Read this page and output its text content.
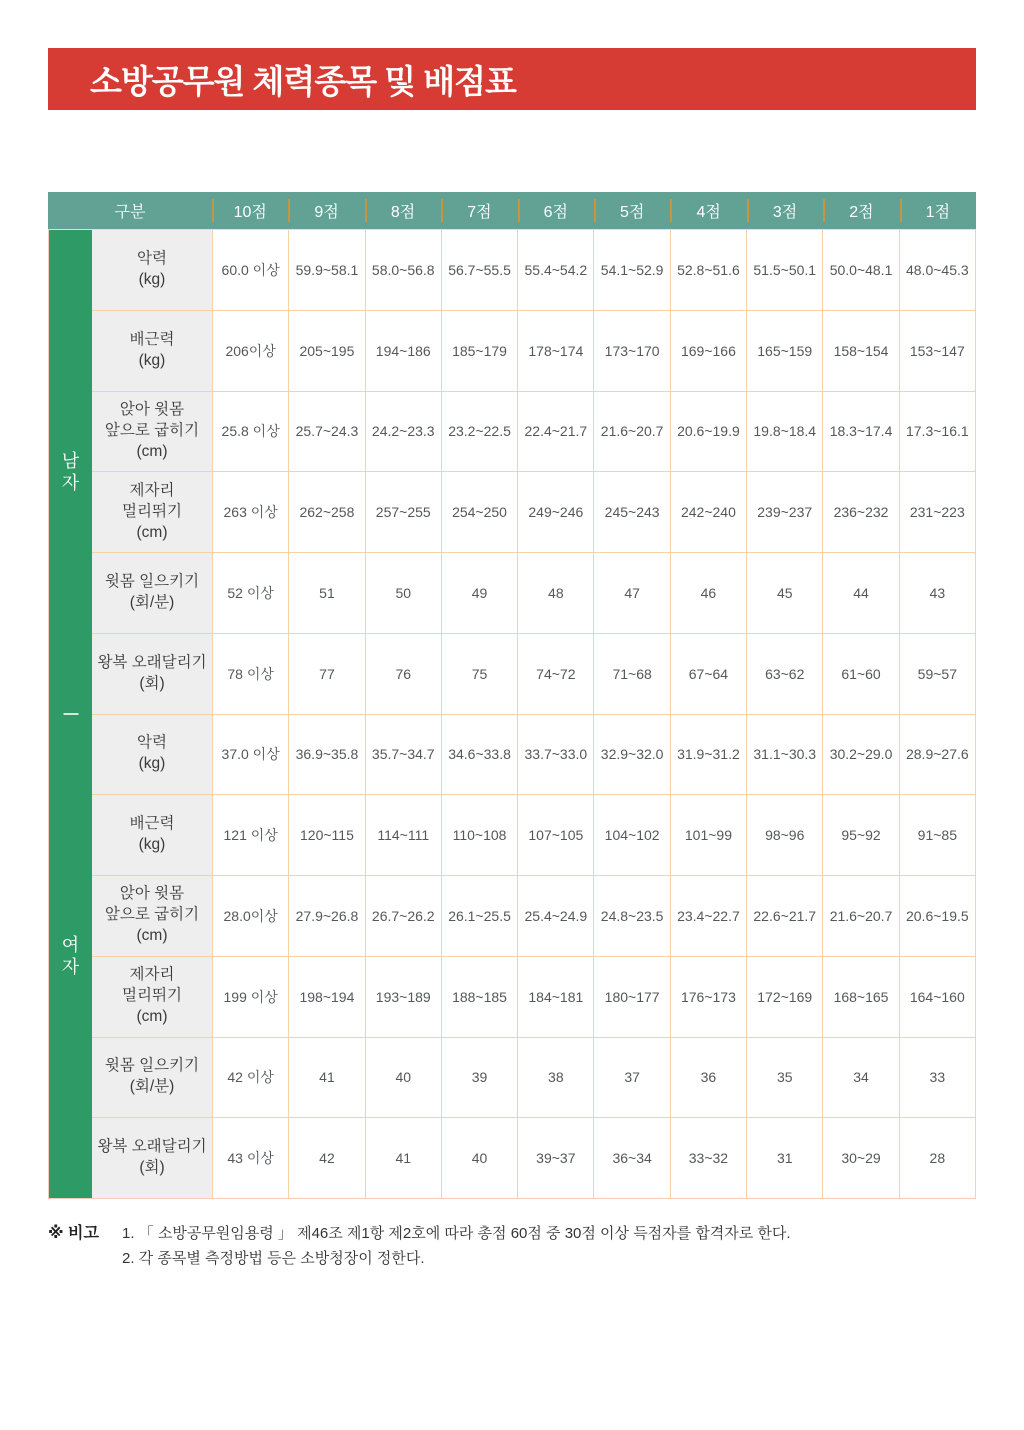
소방공무원 체력종목 및 배점표
구분	10점	9점	8점	7점	6점	5점	4점	3점	2점	1점
남
자
여
자
악력
(kg)
60.0 이상	59.9~58.1 58.0~56.8 56.7~55.5 55.4~54.2 54.1~52.9 52.8~51.6 51.5~50.1 50.0~48.1 48.0~45.3
배근력
(kg)
206이상	205~195	194~186	185~179	178~174	173~170	169~166	165~159	158~154	153~147
앉아 윗몸
앞으로 굽히기
(cm)
25.8 이상	25.7~24.3 24.2~23.3 23.2~22.5 22.4~21.7 21.6~20.7 20.6~19.9 19.8~18.4 18.3~17.4 17.3~16.1
제자리
멀리뛰기
(cm)
263 이상	262~258	257~255	254~250	249~246	245~243	242~240	239~237	236~232	231~223
윗몸 일으키기
(회/분)
52 이상	51	50	49	48	47	46	45	44	43
왕복 오래달리기
(회)
78 이상	77	76	75	74~72	71~68	67~64	63~62	61~60	59~57
악력
(kg)
37.0 이상	36.9~35.8 35.7~34.7 34.6~33.8 33.7~33.0 32.9~32.0 31.9~31.2 31.1~30.3 30.2~29.0 28.9~27.6
배근력
(kg)
121 이상	120~115	114~111	110~108	107~105	104~102	101~99	98~96	95~92	91~85
앉아 윗몸
앞으로 굽히기
(cm)
28.0이상	27.9~26.8 26.7~26.2 26.1~25.5 25.4~24.9 24.8~23.5 23.4~22.7 22.6~21.7 21.6~20.7 20.6~19.5
제자리
멀리뛰기
(cm)
199 이상	198~194	193~189	188~185	184~181	180~177	176~173	172~169	168~165	164~160
윗몸 일으키기
(회/분)
42 이상	41	40	39	38	37	36	35	34	33
왕복 오래달리기
(회)
43 이상	42	41	40	39~37	36~34	33~32	31	30~29	28
※ 비고	1. 「 소방공무원임용령 」 제46조 제1항 제2호에 따라 총점 60점 중 30점 이상 득점자를 합격자로 한다.
2. 각 종목별 측정방법 등은 소방청장이 정한다.
